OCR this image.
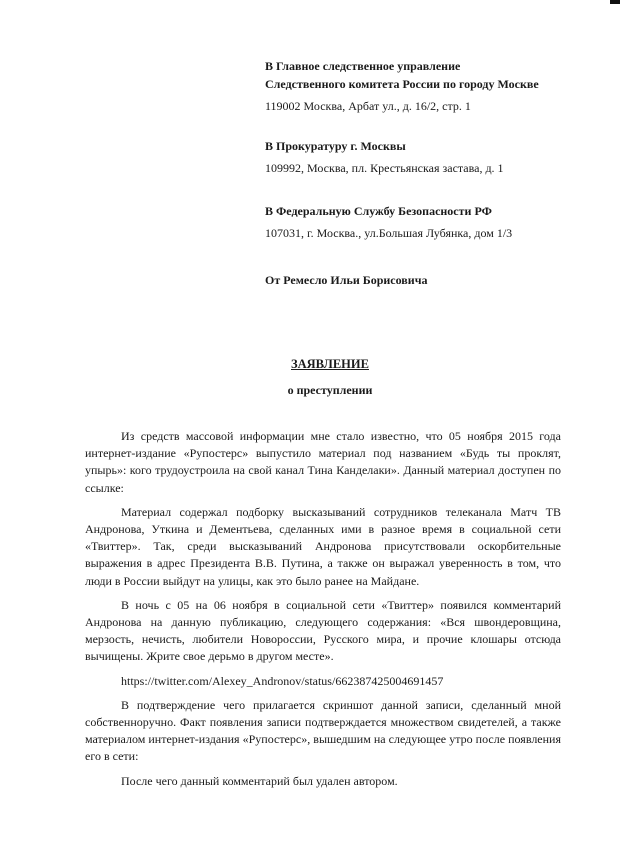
В Главное следственное управление
Следственного комитета России по городу Москве
119002 Москва, Арбат ул., д. 16/2, стр. 1
В Прокуратуру г. Москвы
109992, Москва, пл. Крестьянская застава, д. 1
В Федеральную Службу Безопасности РФ
107031, г. Москва., ул.Большая Лубянка, дом 1/3
От Ремесло Ильи Борисовича
ЗАЯВЛЕНИЕ
о преступлении

Из средств массовой информации мне стало известно, что 05 ноября 2015 года интернет-издание «Рупостерс» выпустило материал под названием «Будь ты проклят, упырь»: кого трудоустроила на свой канал Тина Канделаки». Данный материал доступен по ссылке:

Материал содержал подборку высказываний сотрудников телеканала Матч ТВ Андронова, Уткина и Дементьева, сделанных ими в разное время в социальной сети «Твиттер». Так, среди высказываний Андронова присутствовали оскорбительные выражения в адрес Президента В.В. Путина, а также он выражал уверенность в том, что люди в России выйдут на улицы, как это было ранее на Майдане.

В ночь с 05 на 06 ноября в социальной сети «Твиттер» появился комментарий Андронова на данную публикацию, следующего содержания: «Вся швондеровщина, мерзость, нечисть, любители Новороссии, Русского мира, и прочие клошары отсюда вычищены. Жрите свое дерьмо в другом месте».

https://twitter.com/Alexey_Andronov/status/662387425004691457

В подтверждение чего прилагается скриншот данной записи, сделанный мной собственноручно. Факт появления записи подтверждается множеством свидетелей, а также материалом интернет-издания «Рупостерс», вышедшим на следующее утро после появления его в сети:

После чего данный комментарий был удален автором.
